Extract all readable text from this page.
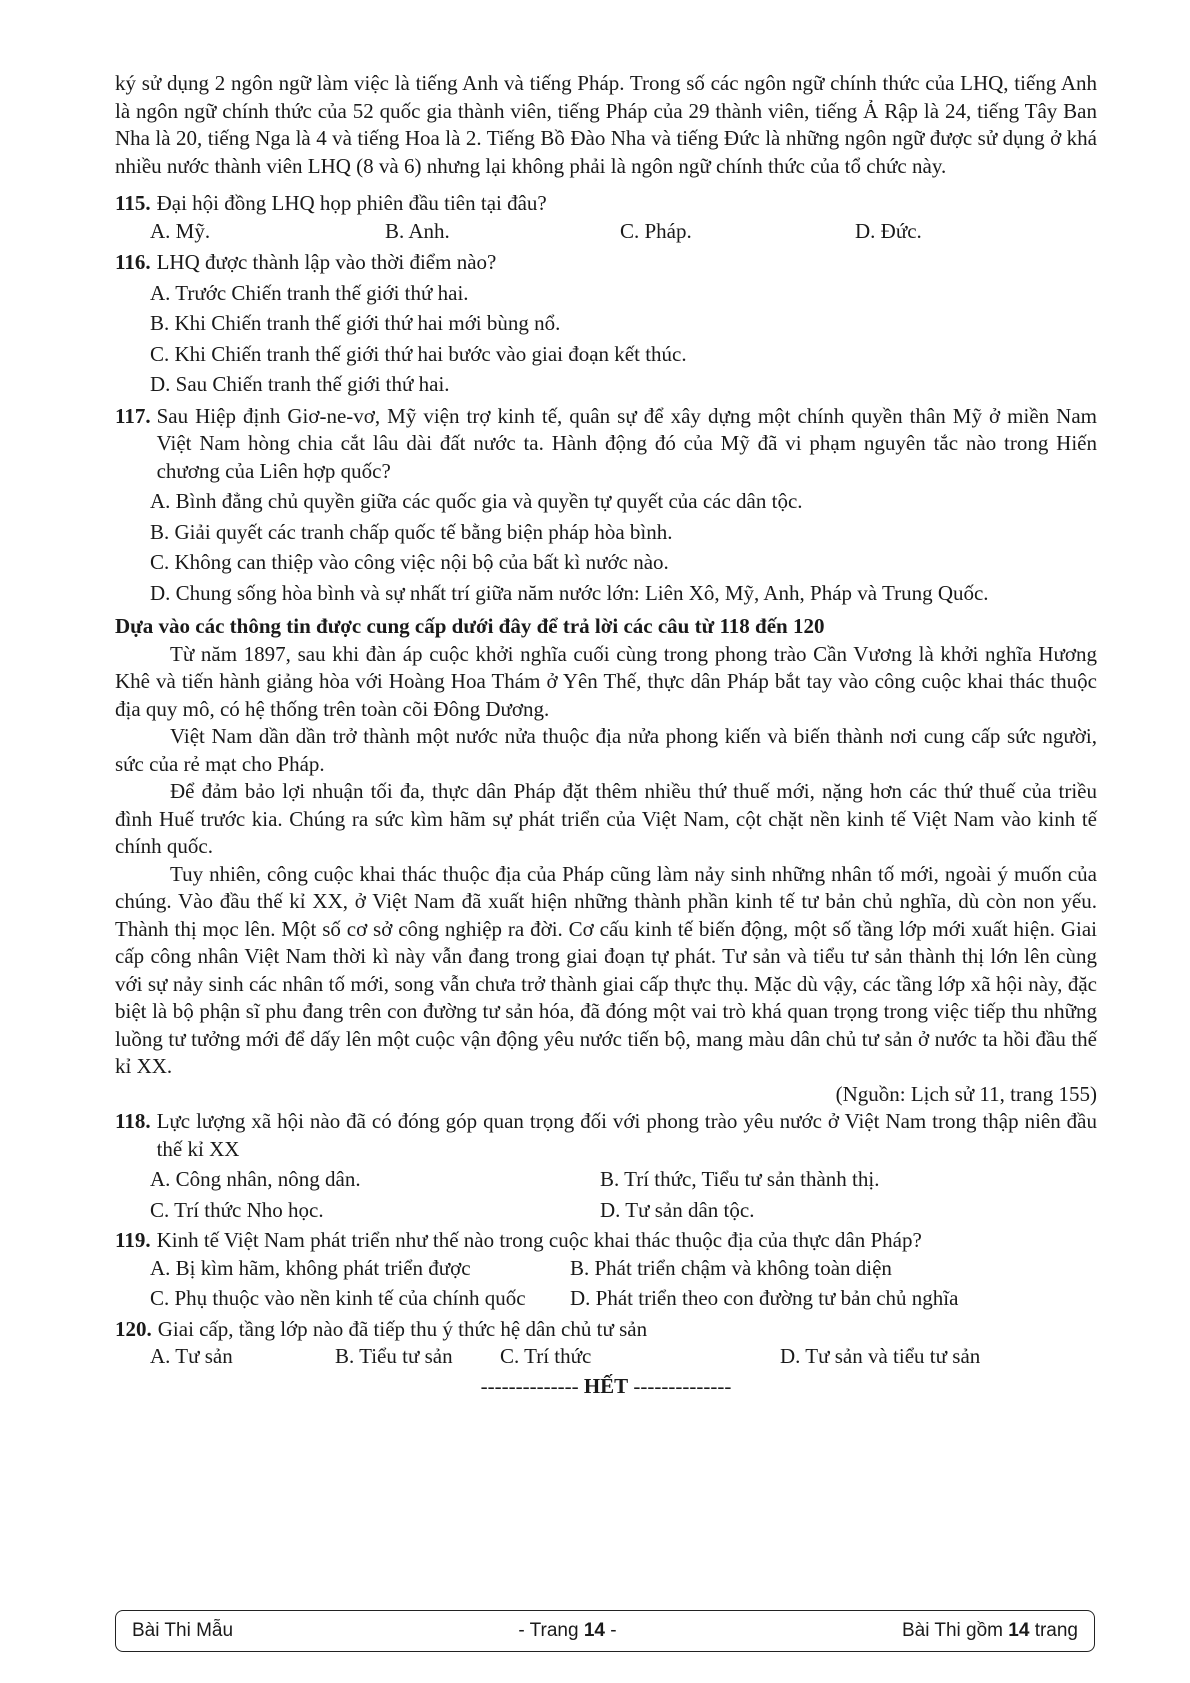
ký sử dụng 2 ngôn ngữ làm việc là tiếng Anh và tiếng Pháp. Trong số các ngôn ngữ chính thức của LHQ, tiếng Anh là ngôn ngữ chính thức của 52 quốc gia thành viên, tiếng Pháp của 29 thành viên, tiếng Ả Rập là 24, tiếng Tây Ban Nha là 20, tiếng Nga là 4 và tiếng Hoa là 2. Tiếng Bồ Đào Nha và tiếng Đức là những ngôn ngữ được sử dụng ở khá nhiều nước thành viên LHQ (8 và 6) nhưng lại không phải là ngôn ngữ chính thức của tổ chức này.

115. Đại hội đồng LHQ họp phiên đầu tiên tại đâu?
A. Mỹ.	B. Anh.	C. Pháp.	D. Đức.
116. LHQ được thành lập vào thời điểm nào?

A. Trước Chiến tranh thế giới thứ hai.

B. Khi Chiến tranh thế giới thứ hai mới bùng nổ.

C. Khi Chiến tranh thế giới thứ hai bước vào giai đoạn kết thúc.

D. Sau Chiến tranh thế giới thứ hai.

117. Sau Hiệp định Giơ-ne-vơ, Mỹ viện trợ kinh tế, quân sự để xây dựng một chính quyền thân Mỹ ở miền Nam Việt Nam hòng chia cắt lâu dài đất nước ta. Hành động đó của Mỹ đã vi phạm nguyên tắc nào trong Hiến chương của Liên hợp quốc?

A. Bình đẳng chủ quyền giữa các quốc gia và quyền tự quyết của các dân tộc.

B. Giải quyết các tranh chấp quốc tế bằng biện pháp hòa bình.

C. Không can thiệp vào công việc nội bộ của bất kì nước nào.

D. Chung sống hòa bình và sự nhất trí giữa năm nước lớn: Liên Xô, Mỹ, Anh, Pháp và Trung Quốc.

Dựa vào các thông tin được cung cấp dưới đây để trả lời các câu từ 118 đến 120

Từ năm 1897, sau khi đàn áp cuộc khởi nghĩa cuối cùng trong phong trào Cần Vương là khởi nghĩa Hương Khê và tiến hành giảng hòa với Hoàng Hoa Thám ở Yên Thế, thực dân Pháp bắt tay vào công cuộc khai thác thuộc địa quy mô, có hệ thống trên toàn cõi Đông Dương.

Việt Nam dần dần trở thành một nước nửa thuộc địa nửa phong kiến và biến thành nơi cung cấp sức người, sức của rẻ mạt cho Pháp.

Để đảm bảo lợi nhuận tối đa, thực dân Pháp đặt thêm nhiều thứ thuế mới, nặng hơn các thứ thuế của triều đình Huế trước kia. Chúng ra sức kìm hãm sự phát triển của Việt Nam, cột chặt nền kinh tế Việt Nam vào kinh tế chính quốc.

Tuy nhiên, công cuộc khai thác thuộc địa của Pháp cũng làm nảy sinh những nhân tố mới, ngoài ý muốn của chúng. Vào đầu thế kỉ XX, ở Việt Nam đã xuất hiện những thành phần kinh tế tư bản chủ nghĩa, dù còn non yếu. Thành thị mọc lên. Một số cơ sở công nghiệp ra đời. Cơ cấu kinh tế biến động, một số tầng lớp mới xuất hiện. Giai cấp công nhân Việt Nam thời kì này vẫn đang trong giai đoạn tự phát. Tư sản và tiểu tư sản thành thị lớn lên cùng với sự nảy sinh các nhân tố mới, song vẫn chưa trở thành giai cấp thực thụ. Mặc dù vậy, các tầng lớp xã hội này, đặc biệt là bộ phận sĩ phu đang trên con đường tư sản hóa, đã đóng một vai trò khá quan trọng trong việc tiếp thu những luồng tư tưởng mới để dấy lên một cuộc vận động yêu nước tiến bộ, mang màu dân chủ tư sản ở nước ta hồi đầu thế kỉ XX.

(Nguồn: Lịch sử 11, trang 155)

118. Lực lượng xã hội nào đã có đóng góp quan trọng đối với phong trào yêu nước ở Việt Nam trong thập niên đầu thế kỉ XX
A. Công nhân, nông dân.	B. Trí thức, Tiểu tư sản thành thị.
C. Trí thức Nho học.	D. Tư sản dân tộc.
119. Kinh tế Việt Nam phát triển như thế nào trong cuộc khai thác thuộc địa của thực dân Pháp?
A. Bị kìm hãm, không phát triển được	B. Phát triển chậm và không toàn diện
C. Phụ thuộc vào nền kinh tế của chính quốc	D. Phát triển theo con đường tư bản chủ nghĩa
120. Giai cấp, tầng lớp nào đã tiếp thu ý thức hệ dân chủ tư sản
A. Tư sản	B. Tiểu tư sản	C. Trí thức	D. Tư sản và tiểu tư sản
-------------- HẾT --------------
Bài Thi Mẫu	- Trang 14 -	Bài Thi gồm 14 trang
